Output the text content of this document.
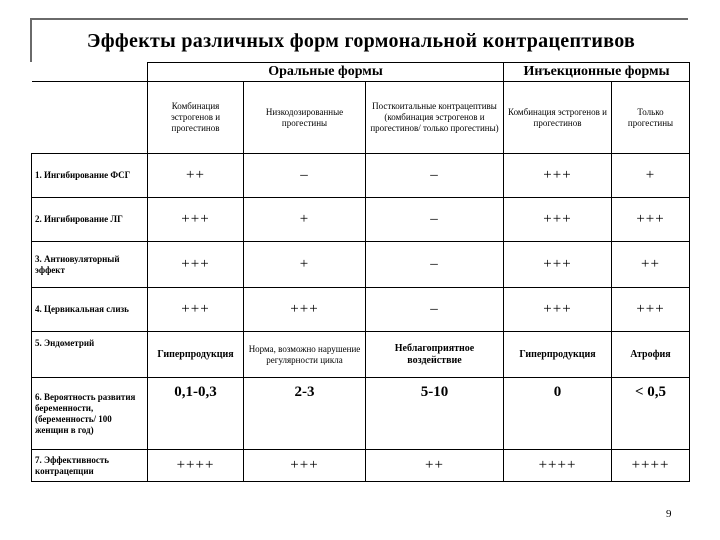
Эффекты различных форм гормональной контрацептивов
	Оральные формы			Инъекционные формы	
	Комбинация эстрогенов и прогестинов	Низкодозированные прогестины	Посткоитальные контрацептивы (комбинация эстрогенов и прогестинов/ только прогестины)	Комбинация эстрогенов и прогестинов	Только прогестины
1. Ингибирование ФСГ	++	–	–	+++	+
2. Ингибирование ЛГ	+++	+	–	+++	+++
3. Антиовуляторный эффект	+++	+	–	+++	++
4. Цервикальная слизь	+++	+++	–	+++	+++
5. Эндометрий	Гиперпродукция	Норма, возможно нарушение регулярности цикла	Неблагоприятное воздействие	Гиперпродукция	Атрофия
6. Вероятность развития беременности, (беременность/ 100 женщин в год)	0,1-0,3	2-3	5-10	0	< 0,5
7. Эффективность контрацепции	++++	+++	++	++++	++++
9
